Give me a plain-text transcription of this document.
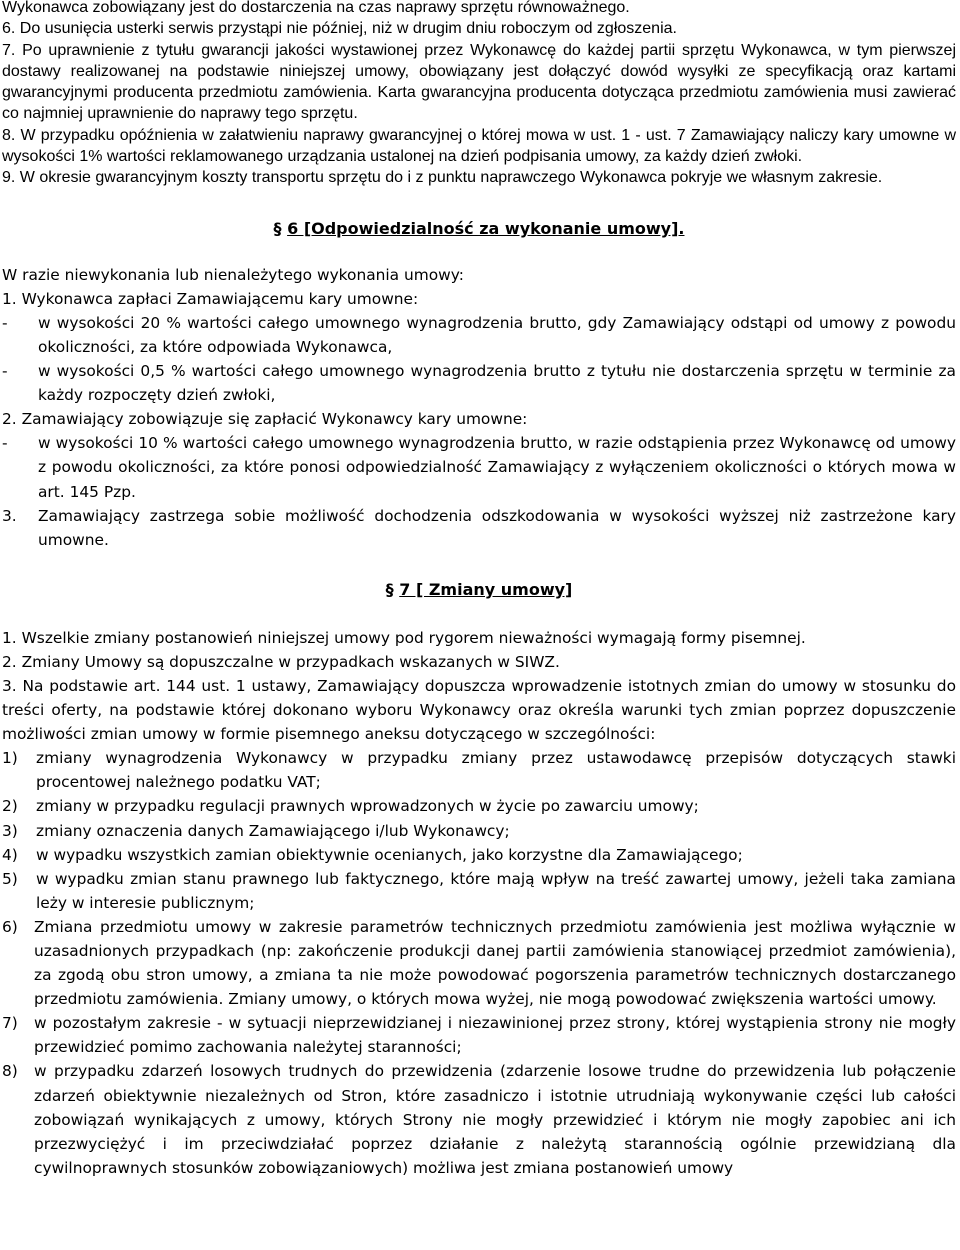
Wykonawca zobowiązany jest do dostarczenia na czas naprawy sprzętu równoważnego.

6. Do usunięcia usterki serwis przystąpi nie później, niż w drugim dniu roboczym od zgłoszenia.

7. Po uprawnienie z tytułu gwarancji jakości wystawionej przez Wykonawcę do każdej partii sprzętu Wykonawca, w tym pierwszej dostawy realizowanej na podstawie niniejszej umowy, obowiązany jest dołączyć dowód wysyłki ze specyfikacją oraz kartami gwarancyjnymi producenta przedmiotu zamówienia. Karta gwarancyjna producenta dotycząca przedmiotu zamówienia musi zawierać co najmniej uprawnienie do naprawy tego sprzętu.

8. W przypadku opóźnienia w załatwieniu naprawy gwarancyjnej o której mowa w ust. 1 - ust. 7 Zamawiający naliczy kary umowne w wysokości 1% wartości reklamowanego urządzania ustalonej na dzień podpisania umowy, za każdy dzień zwłoki.

9. W okresie gwarancyjnym koszty transportu sprzętu do i z punktu naprawczego Wykonawca pokryje we własnym zakresie.

§ 6 [Odpowiedzialność za wykonanie umowy].

W razie niewykonania lub nienależytego wykonania umowy:

1. Wykonawca zapłaci Zamawiającemu kary umowne:

-	w wysokości 20 % wartości całego umownego wynagrodzenia brutto, gdy Zamawiający odstąpi od umowy z powodu okoliczności, za które odpowiada Wykonawca,
-	w wysokości 0,5 % wartości całego umownego wynagrodzenia brutto z tytułu nie dostarczenia sprzętu w terminie za każdy rozpoczęty dzień zwłoki,

2. Zamawiający zobowiązuje się zapłacić Wykonawcy kary umowne:

-	w wysokości 10 % wartości całego umownego wynagrodzenia brutto, w razie odstąpienia przez Wykonawcę od umowy z powodu okoliczności, za które ponosi odpowiedzialność Zamawiający z wyłączeniem okoliczności o których mowa w art. 145 Pzp.
3.	Zamawiający zastrzega sobie możliwość dochodzenia odszkodowania w wysokości wyższej niż zastrzeżone kary umowne.

§ 7 [ Zmiany umowy]

1. Wszelkie zmiany postanowień niniejszej umowy pod rygorem nieważności wymagają formy pisemnej.

2. Zmiany Umowy są dopuszczalne w przypadkach wskazanych w SIWZ.

3. Na podstawie art. 144 ust. 1 ustawy, Zamawiający dopuszcza wprowadzenie istotnych zmian do umowy w stosunku do treści oferty, na podstawie której dokonano wyboru Wykonawcy oraz określa warunki tych zmian poprzez dopuszczenie możliwości zmian umowy w formie pisemnego aneksu dotyczącego w szczególności:

1)	zmiany wynagrodzenia Wykonawcy w przypadku zmiany przez ustawodawcę przepisów dotyczących stawki procentowej należnego podatku VAT;
2)	zmiany w przypadku regulacji prawnych wprowadzonych w życie po zawarciu umowy;
3)	zmiany oznaczenia danych Zamawiającego i/lub Wykonawcy;
4)	w wypadku wszystkich zamian obiektywnie ocenianych, jako korzystne dla Zamawiającego;
5)	w wypadku zmian stanu prawnego lub faktycznego, które mają wpływ na treść zawartej umowy, jeżeli taka zamiana leży w interesie publicznym;
6)	Zmiana przedmiotu umowy w zakresie parametrów technicznych przedmiotu zamówienia jest możliwa wyłącznie w uzasadnionych przypadkach (np: zakończenie produkcji danej partii zamówienia stanowiącej przedmiot zamówienia), za zgodą obu stron umowy, a zmiana ta nie może powodować pogorszenia parametrów technicznych dostarczanego przedmiotu zamówienia. Zmiany umowy, o których mowa wyżej, nie mogą powodować zwiększenia wartości umowy.
7)	w pozostałym zakresie - w sytuacji nieprzewidzianej i niezawinionej przez strony, której wystąpienia strony nie mogły przewidzieć pomimo zachowania należytej staranności;
8)	w przypadku zdarzeń losowych trudnych do przewidzenia (zdarzenie losowe trudne do przewidzenia lub połączenie zdarzeń obiektywnie niezależnych od Stron, które zasadniczo i istotnie utrudniają wykonywanie części lub całości zobowiązań wynikających z umowy, których Strony nie mogły przewidzieć i którym nie mogły zapobiec ani ich przezwyciężyć i im przeciwdziałać poprzez działanie z należytą starannością ogólnie przewidzianą dla cywilnoprawnych stosunków zobowiązaniowych) możliwa jest zmiana postanowień umowy
